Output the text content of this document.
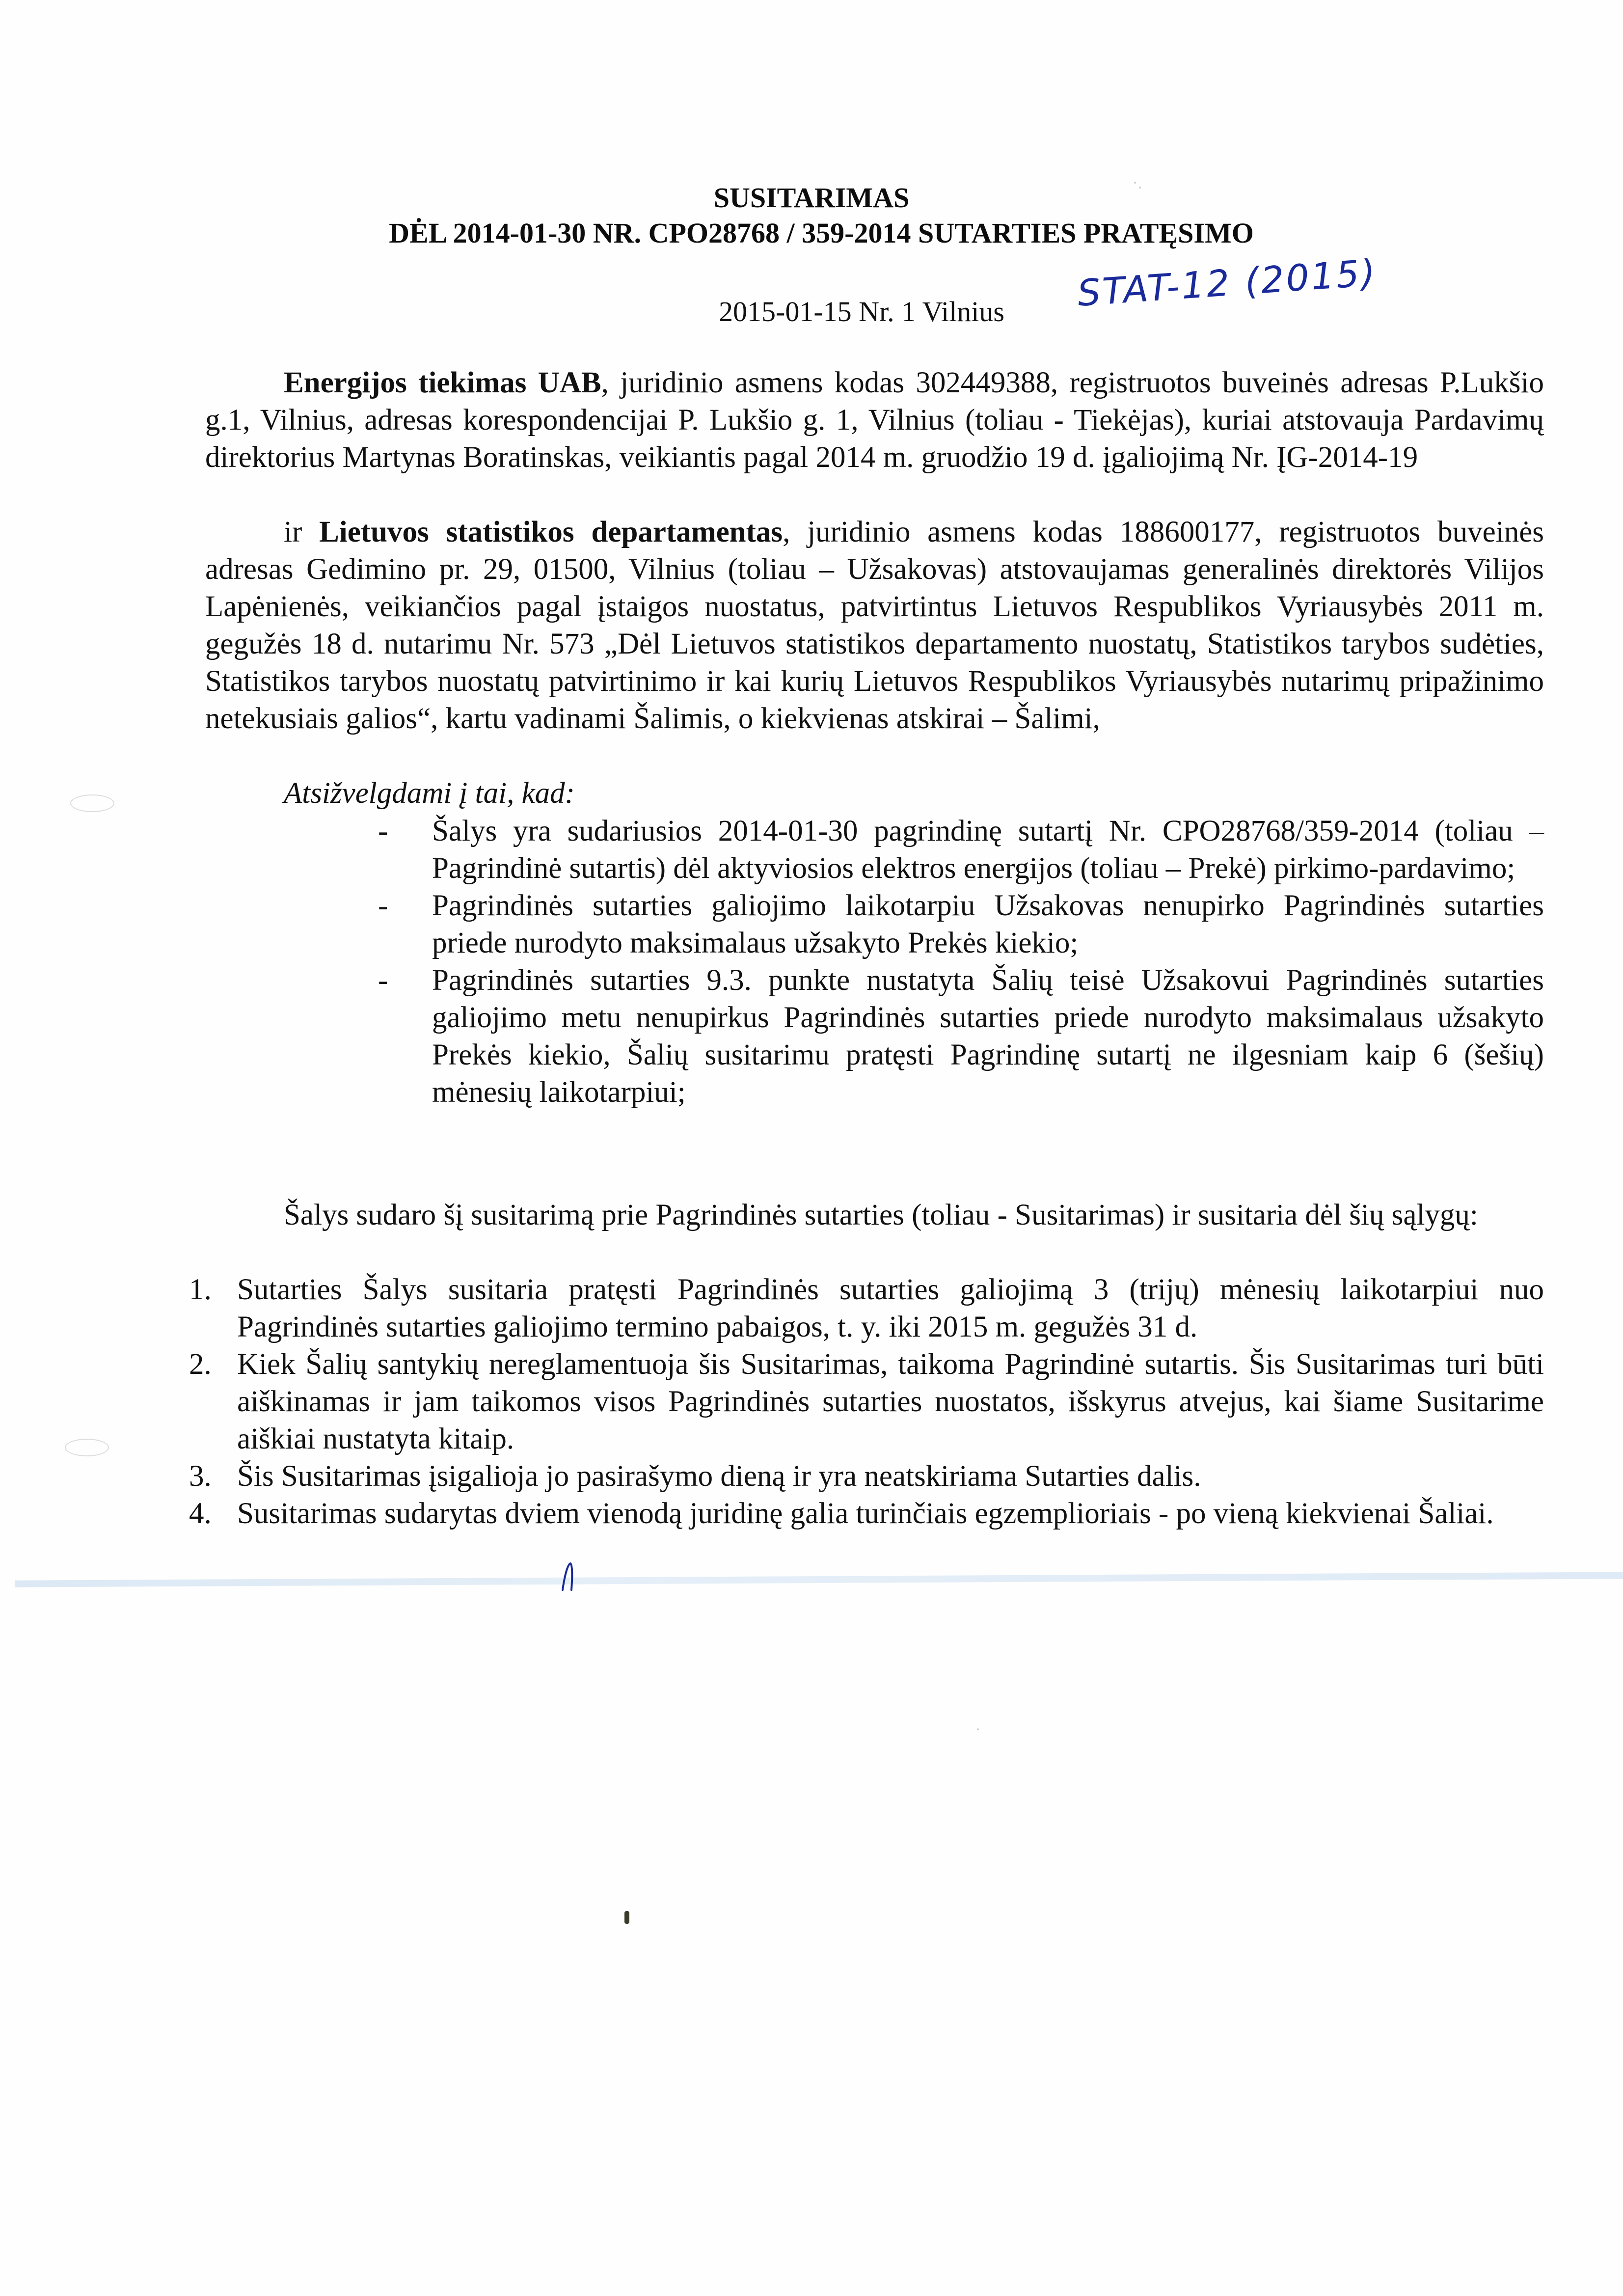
SUSITARIMAS
DĖL 2014-01-30 NR. CPO28768 / 359-2014 SUTARTIES PRATĘSIMO
2015-01-15 Nr. 1 Vilnius STAT-12 (2015)

Energijos tiekimas UAB, juridinio asmens kodas 302449388, registruotos buveinės adresas P.Lukšio g.1, Vilnius, adresas korespondencijai P. Lukšio g. 1, Vilnius (toliau - Tiekėjas), kuriai atstovauja Pardavimų direktorius Martynas Boratinskas, veikiantis pagal 2014 m. gruodžio 19 d. įgaliojimą Nr. ĮG-2014-19

ir Lietuvos statistikos departamentas, juridinio asmens kodas 188600177, registruotos buveinės adresas Gedimino pr. 29, 01500, Vilnius (toliau – Užsakovas) atstovaujamas generalinės direktorės Vilijos Lapėnienės, veikiančios pagal įstaigos nuostatus, patvirtintus Lietuvos Respublikos Vyriausybės 2011 m. gegužės 18 d. nutarimu Nr. 573 „Dėl Lietuvos statistikos departamento nuostatų, Statistikos tarybos sudėties, Statistikos tarybos nuostatų patvirtinimo ir kai kurių Lietuvos Respublikos Vyriausybės nutarimų pripažinimo netekusiais galios“, kartu vadinami Šalimis, o kiekvienas atskirai – Šalimi,

Atsižvelgdami į tai, kad:

- Šalys yra sudariusios 2014-01-30 pagrindinę sutartį Nr. CPO28768/359-2014 (toliau – Pagrindinė sutartis) dėl aktyviosios elektros energijos (toliau – Prekė) pirkimo-pardavimo;

- Pagrindinės sutarties galiojimo laikotarpiu Užsakovas nenupirko Pagrindinės sutarties priede nurodyto maksimalaus užsakyto Prekės kiekio;

- Pagrindinės sutarties 9.3. punkte nustatyta Šalių teisė Užsakovui Pagrindinės sutarties galiojimo metu nenupirkus Pagrindinės sutarties priede nurodyto maksimalaus užsakyto Prekės kiekio, Šalių susitarimu pratęsti Pagrindinę sutartį ne ilgesniam kaip 6 (šešių) mėnesių laikotarpiui;

Šalys sudaro šį susitarimą prie Pagrindinės sutarties (toliau - Susitarimas) ir susitaria dėl šių sąlygų:

1. Sutarties Šalys susitaria pratęsti Pagrindinės sutarties galiojimą 3 (trijų) mėnesių laikotarpiui nuo Pagrindinės sutarties galiojimo termino pabaigos, t. y. iki 2015 m. gegužės 31 d.

2. Kiek Šalių santykių nereglamentuoja šis Susitarimas, taikoma Pagrindinė sutartis. Šis Susitarimas turi būti aiškinamas ir jam taikomos visos Pagrindinės sutarties nuostatos, išskyrus atvejus, kai šiame Susitarime aiškiai nustatyta kitaip.

3. Šis Susitarimas įsigalioja jo pasirašymo dieną ir yra neatskiriama Sutarties dalis.

4. Susitarimas sudarytas dviem vienodą juridinę galia turinčiais egzemplioriais - po vieną kiekvienai Šaliai.
